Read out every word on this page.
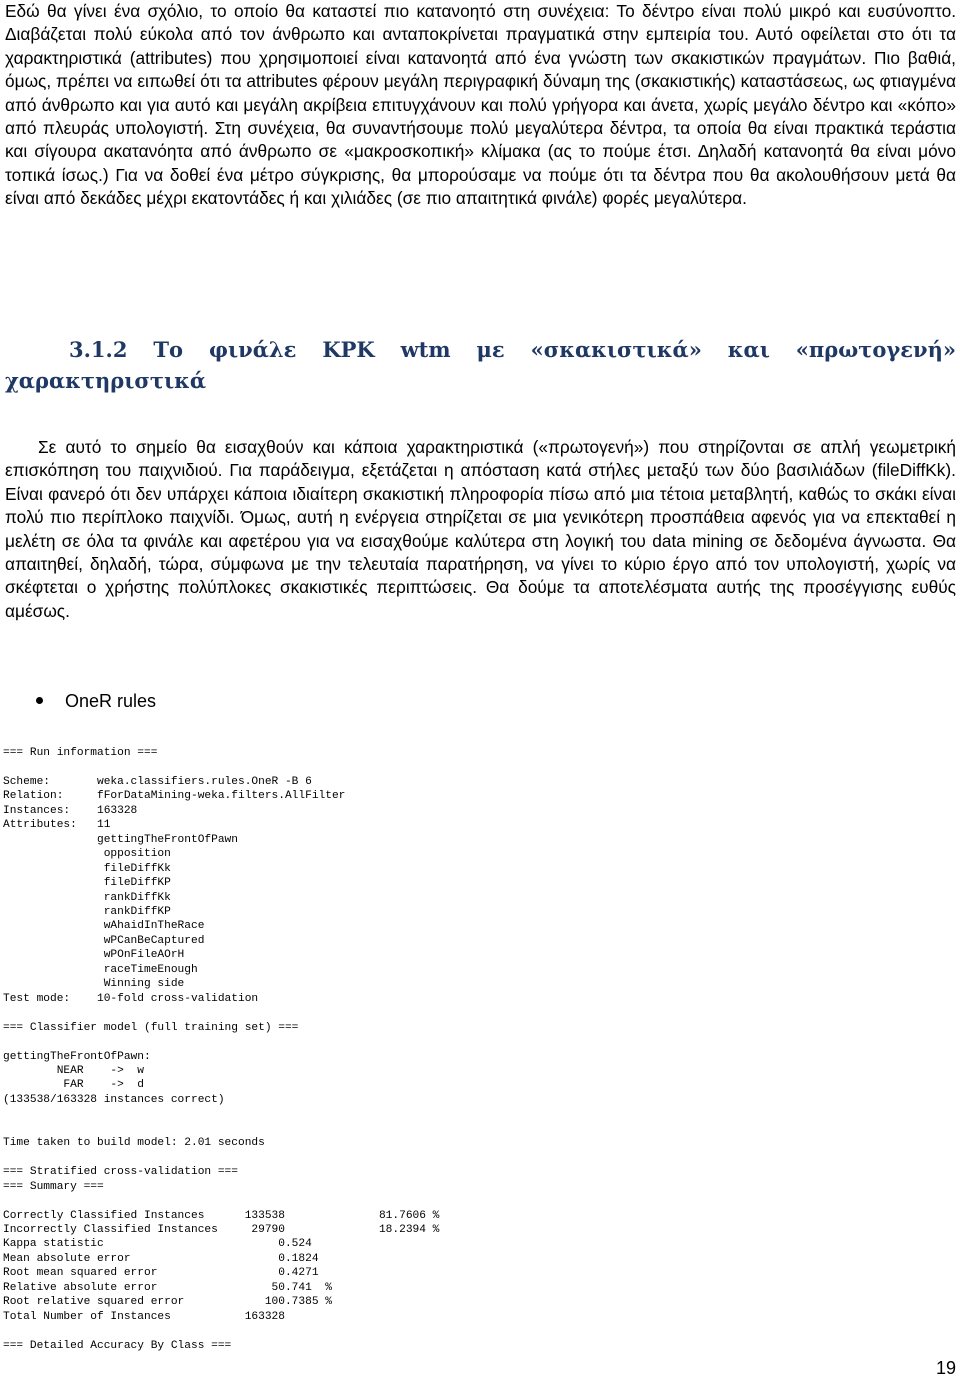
Εδώ θα γίνει ένα σχόλιο, το οποίο θα καταστεί πιο κατανοητό στη συνέχεια: Το δέντρο είναι πολύ μικρό και ευσύνοπτο. Διαβάζεται πολύ εύκολα από τον άνθρωπο και ανταποκρίνεται πραγματικά στην εμπειρία του. Αυτό οφείλεται στο ότι τα χαρακτηριστικά (attributes) που χρησιμοποιεί είναι κατανοητά από ένα γνώστη των σκακιστικών πραγμάτων. Πιο βαθιά, όμως, πρέπει να ειπωθεί ότι τα attributes φέρουν μεγάλη περιγραφική δύναμη της (σκακιστικής) καταστάσεως, ως φτιαγμένα από άνθρωπο και για αυτό και μεγάλη ακρίβεια επιτυγχάνουν και πολύ γρήγορα και άνετα, χωρίς μεγάλο δέντρο και «κόπο» από πλευράς υπολογιστή. Στη συνέχεια, θα συναντήσουμε πολύ μεγαλύτερα δέντρα, τα οποία θα είναι πρακτικά τεράστια και σίγουρα ακατανόητα από άνθρωπο σε «μακροσκοπική» κλίμακα (ας το πούμε έτσι. Δηλαδή κατανοητά θα είναι μόνο τοπικά ίσως.) Για να δοθεί ένα μέτρο σύγκρισης, θα μπορούσαμε να πούμε ότι τα δέντρα που θα ακολουθήσουν μετά θα είναι από δεκάδες μέχρι εκατοντάδες ή και χιλιάδες (σε πιο απαιτητικά φινάλε) φορές μεγαλύτερα.

3.1.2 Το φινάλε ΚΡΚ wtm με «σκακιστικά» και «πρωτογενή» χαρακτηριστικά

Σε αυτό το σημείο θα εισαχθούν και κάποια χαρακτηριστικά («πρωτογενή») που στηρίζονται σε απλή γεωμετρική επισκόπηση του παιχνιδιού. Για παράδειγμα, εξετάζεται η απόσταση κατά στήλες μεταξύ των δύο βασιλιάδων (fileDiffKk). Είναι φανερό ότι δεν υπάρχει κάποια ιδιαίτερη σκακιστική πληροφορία πίσω από μια τέτοια μεταβλητή, καθώς το σκάκι είναι πολύ πιο περίπλοκο παιχνίδι. Όμως, αυτή η ενέργεια στηρίζεται σε μια γενικότερη προσπάθεια αφενός για να επεκταθεί η μελέτη σε όλα τα φινάλε και αφετέρου για να εισαχθούμε καλύτερα στη λογική του data mining σε δεδομένα άγνωστα. Θα απαιτηθεί, δηλαδή, τώρα, σύμφωνα με την τελευταία παρατήρηση, να γίνει το κύριο έργο από τον υπολογιστή, χωρίς να σκέφτεται ο χρήστης πολύπλοκες σκακιστικές περιπτώσεις. Θα δούμε τα αποτελέσματα αυτής της προσέγγισης ευθύς αμέσως.

OneR rules
=== Run information ===

Scheme:       weka.classifiers.rules.OneR -B 6
Relation:     fForDataMining-weka.filters.AllFilter
Instances:    163328
Attributes:   11
gettingTheFrontOfPawn
opposition
fileDiffKk
fileDiffKP
rankDiffKk
rankDiffKP
wAhaidInTheRace
wPCanBeCaptured
wPOnFileAOrH
raceTimeEnough
Winning side
Test mode:    10-fold cross-validation

=== Classifier model (full training set) ===

gettingTheFrontOfPawn:
NEAR    ->  w
FAR    ->  d
(133538/163328 instances correct)

Time taken to build model: 2.01 seconds

=== Stratified cross-validation ===
=== Summary ===

Correctly Classified Instances      133538              81.7606 %
Incorrectly Classified Instances     29790              18.2394 %
Kappa statistic                          0.524
Mean absolute error                      0.1824
Root mean squared error                  0.4271
Relative absolute error                 50.741  %
Root relative squared error            100.7385 %
Total Number of Instances           163328

=== Detailed Accuracy By Class ===
19
